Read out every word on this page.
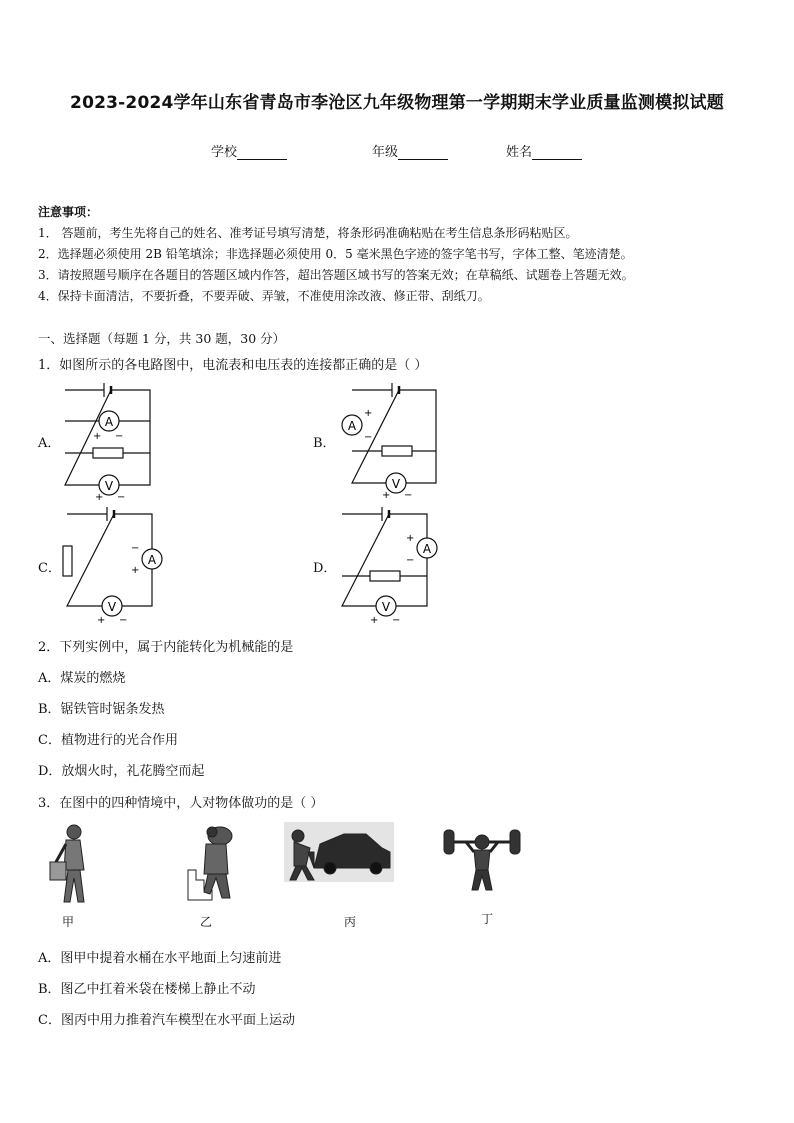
2023-2024学年山东省青岛市李沧区九年级物理第一学期期末学业质量监测模拟试题
学校	年级	姓名
注意事项：
1． 答题前，考生先将自己的姓名、准考证号填写清楚，将条形码准确粘贴在考生信息条形码粘贴区。
2．选择题必须使用 2B 铅笔填涂；非选择题必须使用 0．5 毫米黑色字迹的签字笔书写，字体工整、笔迹清楚。
3．请按照题号顺序在各题目的答题区域内作答，超出答题区域书写的答案无效；在草稿纸、试题卷上答题无效。
4．保持卡面清洁，不要折叠，不要弄破、弄皱，不准使用涂改液、修正带、刮纸刀。
一、选择题（每题 1 分，共 30 题，30 分）
1．如图所示的各电路图中，电流表和电压表的连接都正确的是（ ）
A．	B．
C．	D．
A
+ −
V
+ −
A
+
−
V
+ −
A
−
+
V
+ −
A
+
−
V
+ −
2．下列实例中，属于内能转化为机械能的是
A．煤炭的燃烧
B．锯铁管时锯条发热
C．植物进行的光合作用
D．放烟火时，礼花腾空而起
3．在图中的四种情境中，人对物体做功的是（ ）
甲	乙	丙	丁
A．图甲中提着水桶在水平地面上匀速前进
B．图乙中扛着米袋在楼梯上静止不动
C．图丙中用力推着汽车模型在水平面上运动
